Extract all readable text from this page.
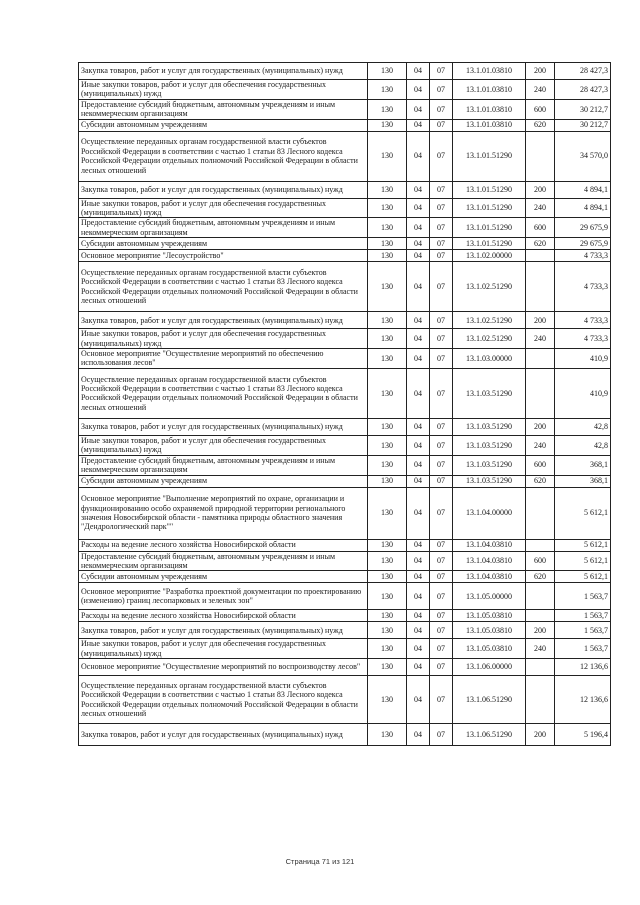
Закупка товаров, работ и услуг для государственных (муниципальных) нужд	130	04	07	13.1.01.03810	200	28 427,3
Иные закупки товаров, работ и услуг для обеспечения государственных (муниципальных) нужд	130	04	07	13.1.01.03810	240	28 427,3
Предоставление субсидий бюджетным, автономным учреждениям и иным некоммерческим организациям	130	04	07	13.1.01.03810	600	30 212,7
Субсидии автономным учреждениям	130	04	07	13.1.01.03810	620	30 212,7
Осуществление переданных органам государственной власти субъектов Российской Федерации в соответствии с частью 1 статьи 83 Лесного кодекса Российской Федерации отдельных полномочий Российской Федерации в области лесных отношений	130	04	07	13.1.01.51290		34 570,0
Закупка товаров, работ и услуг для государственных (муниципальных) нужд	130	04	07	13.1.01.51290	200	4 894,1
Иные закупки товаров, работ и услуг для обеспечения государственных (муниципальных) нужд	130	04	07	13.1.01.51290	240	4 894,1
Предоставление субсидий бюджетным, автономным учреждениям и иным некоммерческим организациям	130	04	07	13.1.01.51290	600	29 675,9
Субсидии автономным учреждениям	130	04	07	13.1.01.51290	620	29 675,9
Основное мероприятие "Лесоустройство"	130	04	07	13.1.02.00000		4 733,3
Осуществление переданных органам государственной власти субъектов Российской Федерации в соответствии с частью 1 статьи 83 Лесного кодекса Российской Федерации отдельных полномочий Российской Федерации в области лесных отношений	130	04	07	13.1.02.51290		4 733,3
Закупка товаров, работ и услуг для государственных (муниципальных) нужд	130	04	07	13.1.02.51290	200	4 733,3
Иные закупки товаров, работ и услуг для обеспечения государственных (муниципальных) нужд	130	04	07	13.1.02.51290	240	4 733,3
Основное мероприятие "Осуществление мероприятий по обеспечению использования лесов"	130	04	07	13.1.03.00000		410,9
Осуществление переданных органам государственной власти субъектов Российской Федерации в соответствии с частью 1 статьи 83 Лесного кодекса Российской Федерации отдельных полномочий Российской Федерации в области лесных отношений	130	04	07	13.1.03.51290		410,9
Закупка товаров, работ и услуг для государственных (муниципальных) нужд	130	04	07	13.1.03.51290	200	42,8
Иные закупки товаров, работ и услуг для обеспечения государственных (муниципальных) нужд	130	04	07	13.1.03.51290	240	42,8
Предоставление субсидий бюджетным, автономным учреждениям и иным некоммерческим организациям	130	04	07	13.1.03.51290	600	368,1
Субсидии автономным учреждениям	130	04	07	13.1.03.51290	620	368,1
Основное мероприятие "Выполнение мероприятий по охране, организации и функционированию особо охраняемой природной территории регионального значения Новосибирской области - памятника природы областного значения "Дендрологический парк""	130	04	07	13.1.04.00000		5 612,1
Расходы на ведение лесного хозяйства Новосибирской области	130	04	07	13.1.04.03810		5 612,1
Предоставление субсидий бюджетным, автономным учреждениям и иным некоммерческим организациям	130	04	07	13.1.04.03810	600	5 612,1
Субсидии автономным учреждениям	130	04	07	13.1.04.03810	620	5 612,1
Основное мероприятие "Разработка проектной документации по проектированию (изменению) границ лесопарковых и зеленых зон"	130	04	07	13.1.05.00000		1 563,7
Расходы на ведение лесного хозяйства Новосибирской области	130	04	07	13.1.05.03810		1 563,7
Закупка товаров, работ и услуг для государственных (муниципальных) нужд	130	04	07	13.1.05.03810	200	1 563,7
Иные закупки товаров, работ и услуг для обеспечения государственных (муниципальных) нужд	130	04	07	13.1.05.03810	240	1 563,7
Основное мероприятие "Осуществление мероприятий по воспроизводству лесов"	130	04	07	13.1.06.00000		12 136,6
Осуществление переданных органам государственной власти субъектов Российской Федерации в соответствии с частью 1 статьи 83 Лесного кодекса Российской Федерации отдельных полномочий Российской Федерации в области лесных отношений	130	04	07	13.1.06.51290		12 136,6
Закупка товаров, работ и услуг для государственных (муниципальных) нужд	130	04	07	13.1.06.51290	200	5 196,4
Страница 71 из 121
